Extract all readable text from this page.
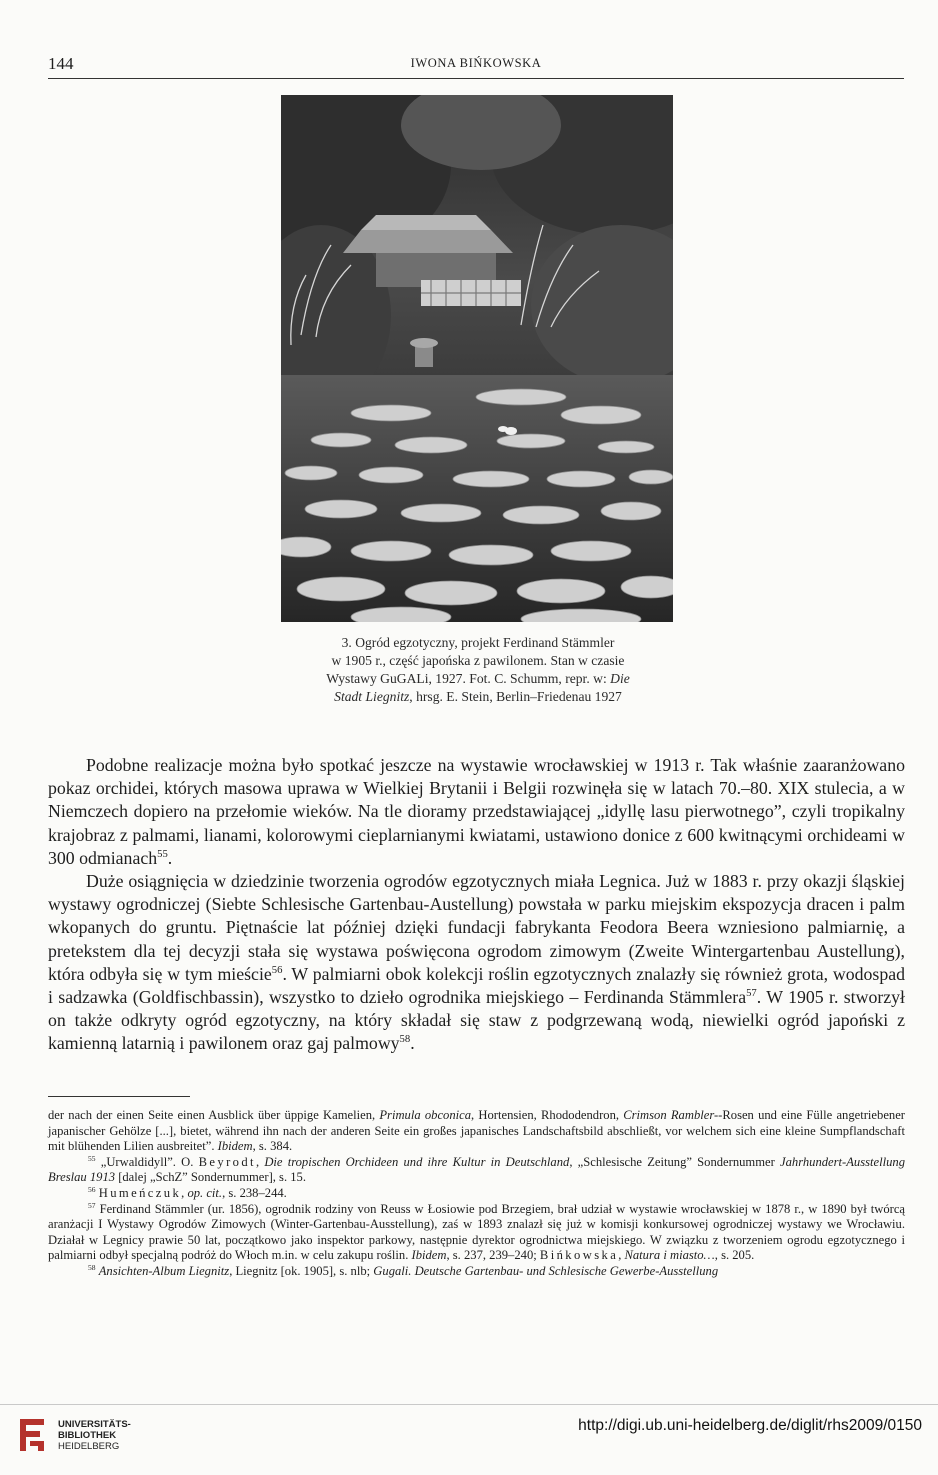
144	IWONA BIŃKOWSKA
3. Ogród egzotyczny, projekt Ferdinand Stämmler
w 1905 r., część japońska z pawilonem. Stan w czasie
Wystawy GuGALi, 1927. Fot. C. Schumm, repr. w: Die
Stadt Liegnitz, hrsg. E. Stein, Berlin–Friedenau 1927

Podobne realizacje można było spotkać jeszcze na wystawie wrocławskiej w 1913 r. Tak właśnie zaaranżowano pokaz orchidei, których masowa uprawa w Wielkiej Brytanii i Belgii rozwinęła się w latach 70.–80. XIX stulecia, a w Niemczech dopiero na przełomie wieków. Na tle dioramy przedstawiającej „idyllę lasu pierwotnego”, czyli tropikalny krajobraz z palmami, lianami, kolorowymi cieplarnianymi kwiatami, ustawiono donice z 600 kwitnącymi orchideami w 300 odmianach$^{55}$.

Duże osiągnięcia w dziedzinie tworzenia ogrodów egzotycznych miała Legnica. Już w 1883 r. przy okazji śląskiej wystawy ogrodniczej (Siebte Schlesische Gartenbau-Austellung) powstała w parku miejskim ekspozycja dracen i palm wkopanych do gruntu. Piętnaście lat później dzięki fundacji fabrykanta Feodora Beera wzniesiono palmiarnię, a pretekstem dla tej decyzji stała się wystawa poświęcona ogrodom zimowym (Zweite Wintergartenbau Austellung), która odbyła się w tym mieście$^{56}$. W palmiarni obok kolekcji roślin egzotycznych znalazły się również grota, wodospad i sadzawka (Goldfischbassin), wszystko to dzieło ogrodnika miejskiego – Ferdinanda Stämmlera$^{57}$. W 1905 r. stworzył on także odkryty ogród egzotyczny, na który składał się staw z podgrzewaną wodą, niewielki ogród japoński z kamienną latarnią i pawilonem oraz gaj palmowy$^{58}$.

der nach der einen Seite einen Ausblick über üppige Kamelien, Primula obconica, Hortensien, Rhododendron, Crimson Rambler--Rosen und eine Fülle angetriebener japanischer Gehölze [...], bietet, während ihn nach der anderen Seite ein großes japanisches Landschaftsbild abschließt, vor welchem sich eine kleine Sumpflandschaft mit blühenden Lilien ausbreitet”. Ibidem, s. 384.

$^{55}$ „Urwaldidyll”. O. Beyrodt, Die tropischen Orchideen und ihre Kultur in Deutschland, „Schlesische Zeitung” Sondernummer Jahrhundert-Ausstellung Breslau 1913 [dalej „SchZ” Sondernummer], s. 15.

$^{56}$ Humeńczuk, op. cit., s. 238–244.

$^{57}$ Ferdinand Stämmler (ur. 1856), ogrodnik rodziny von Reuss w Łosiowie pod Brzegiem, brał udział w wystawie wrocławskiej w 1878 r., w 1890 był twórcą aranżacji I Wystawy Ogrodów Zimowych (Winter-Gartenbau-Ausstellung), zaś w 1893 znalazł się już w komisji konkursowej ogrodniczej wystawy we Wrocławiu. Działał w Legnicy prawie 50 lat, początkowo jako inspektor parkowy, następnie dyrektor ogrodnictwa miejskiego. W związku z tworzeniem ogrodu egzotycznego i palmiarni odbył specjalną podróż do Włoch m.in. w celu zakupu roślin. Ibidem, s. 237, 239–240; Bińkowska, Natura i miasto…, s. 205.

$^{58}$ Ansichten-Album Liegnitz, Liegnitz [ok. 1905], s. nlb; Gugali. Deutsche Gartenbau- und Schlesische Gewerbe-Ausstellung

UNIVERSITÄTS-
BIBLIOTHEK
HEIDELBERG
http://digi.ub.uni-heidelberg.de/diglit/rhs2009/0150
